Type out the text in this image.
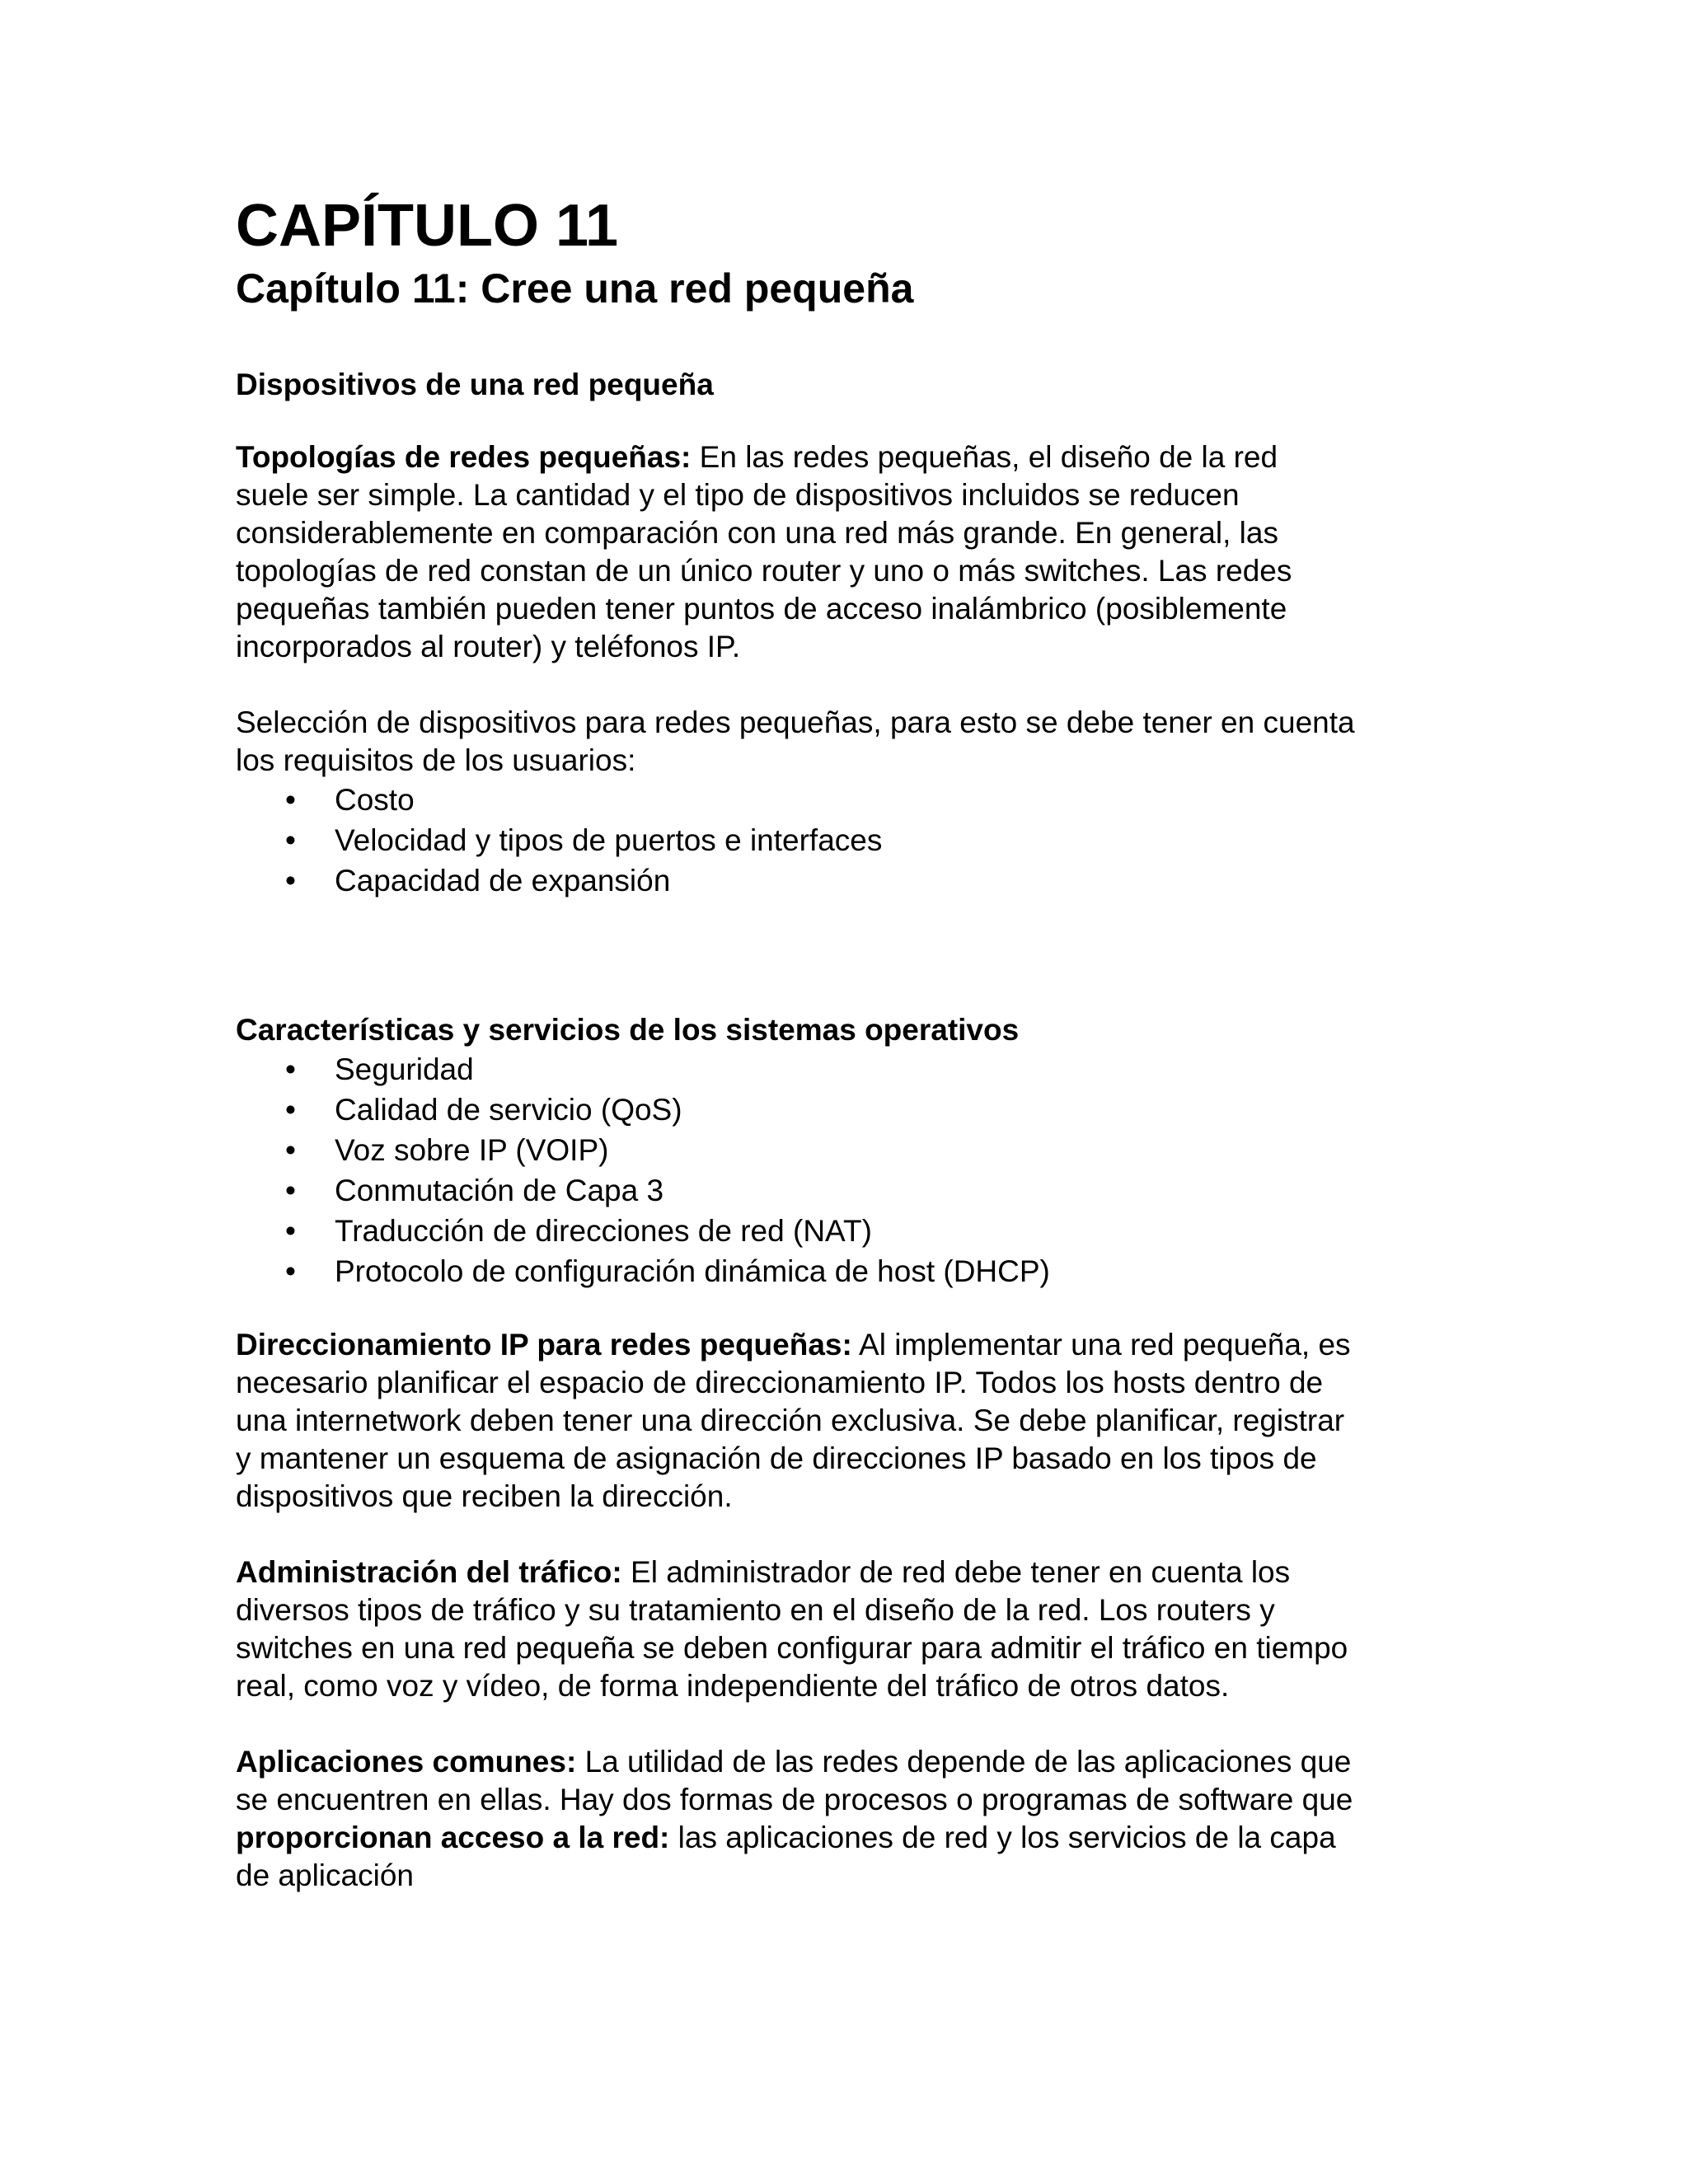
CAPÍTULO 11
Capítulo 11: Cree una red pequeña
Dispositivos de una red pequeña

Topologías de redes pequeñas: En las redes pequeñas, el diseño de la red
suele ser simple. La cantidad y el tipo de dispositivos incluidos se reducen
considerablemente en comparación con una red más grande. En general, las
topologías de red constan de un único router y uno o más switches. Las redes
pequeñas también pueden tener puntos de acceso inalámbrico (posiblemente
incorporados al router) y teléfonos IP.

Selección de dispositivos para redes pequeñas, para esto se debe tener en cuenta
los requisitos de los usuarios:

• Costo
• Velocidad y tipos de puertos e interfaces
• Capacidad de expansión
Características y servicios de los sistemas operativos
• Seguridad
• Calidad de servicio (QoS)
• Voz sobre IP (VOIP)
• Conmutación de Capa 3
• Traducción de direcciones de red (NAT)
• Protocolo de configuración dinámica de host (DHCP)

Direccionamiento IP para redes pequeñas: Al implementar una red pequeña, es
necesario planificar el espacio de direccionamiento IP. Todos los hosts dentro de
una internetwork deben tener una dirección exclusiva. Se debe planificar, registrar
y mantener un esquema de asignación de direcciones IP basado en los tipos de
dispositivos que reciben la dirección.

Administración del tráfico: El administrador de red debe tener en cuenta los
diversos tipos de tráfico y su tratamiento en el diseño de la red. Los routers y
switches en una red pequeña se deben configurar para admitir el tráfico en tiempo
real, como voz y vídeo, de forma independiente del tráfico de otros datos.

Aplicaciones comunes: La utilidad de las redes depende de las aplicaciones que
se encuentren en ellas. Hay dos formas de procesos o programas de software que
proporcionan acceso a la red: las aplicaciones de red y los servicios de la capa
de aplicación
